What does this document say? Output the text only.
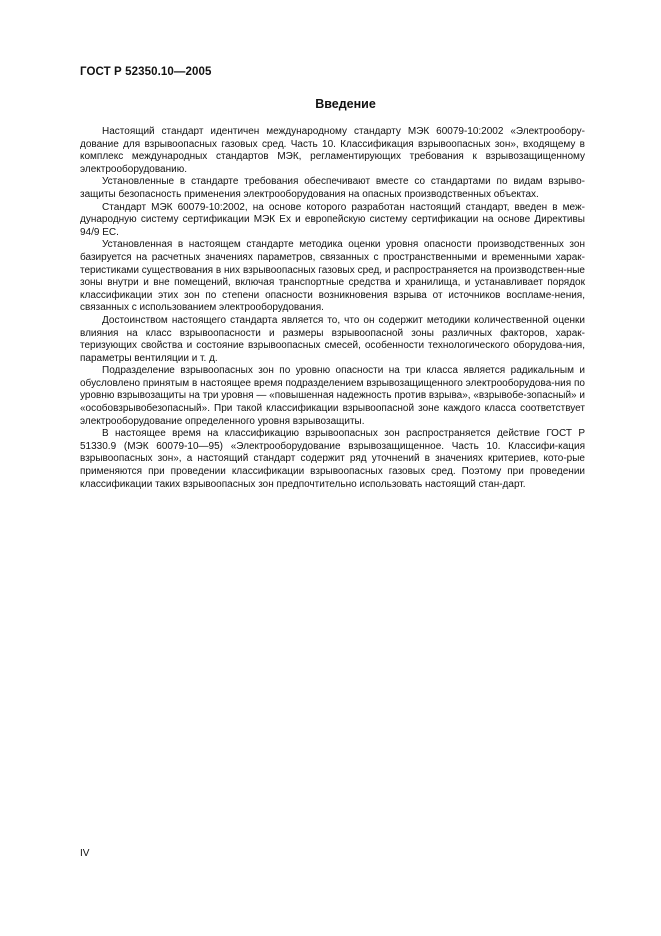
ГОСТ Р 52350.10—2005
Введение

Настоящий стандарт идентичен международному стандарту МЭК 60079-10:2002 «Электрообору-дование для взрывоопасных газовых сред. Часть 10. Классификация взрывоопасных зон», входящему в комплекс международных стандартов МЭК, регламентирующих требования к взрывозащищенному электрооборудованию.

Установленные в стандарте требования обеспечивают вместе со стандартами по видам взрыво-защиты безопасность применения электрооборудования на опасных производственных объектах.

Стандарт МЭК 60079-10:2002, на основе которого разработан настоящий стандарт, введен в меж-дународную систему сертификации МЭК Ех и европейскую систему сертификации на основе Директивы 94/9 ЕС.

Установленная в настоящем стандарте методика оценки уровня опасности производственных зон базируется на расчетных значениях параметров, связанных с пространственными и временными харак-теристиками существования в них взрывоопасных газовых сред, и распространяется на производствен-ные зоны внутри и вне помещений, включая транспортные средства и хранилища, и устанавливает порядок классификации этих зон по степени опасности возникновения взрыва от источников воспламе-нения, связанных с использованием электрооборудования.

Достоинством настоящего стандарта является то, что он содержит методики количественной оценки влияния на класс взрывоопасности и размеры взрывоопасной зоны различных факторов, харак-теризующих свойства и состояние взрывоопасных смесей, особенности технологического оборудова-ния, параметры вентиляции и т. д.

Подразделение взрывоопасных зон по уровню опасности на три класса является радикальным и обусловлено принятым в настоящее время подразделением взрывозащищенного электрооборудова-ния по уровню взрывозащиты на три уровня — «повышенная надежность против взрыва», «взрывобе-зопасный» и «особовзрывобезопасный». При такой классификации взрывоопасной зоне каждого класса соответствует электрооборудование определенного уровня взрывозащиты.

В настоящее время на классификацию взрывоопасных зон распространяется действие ГОСТ Р 51330.9 (МЭК 60079-10—95) «Электрооборудование взрывозащищенное. Часть 10. Классифи-кация взрывоопасных зон», а настоящий стандарт содержит ряд уточнений в значениях критериев, кото-рые применяются при проведении классификации взрывоопасных газовых сред. Поэтому при проведении классификации таких взрывоопасных зон предпочтительно использовать настоящий стан-дарт.

IV
